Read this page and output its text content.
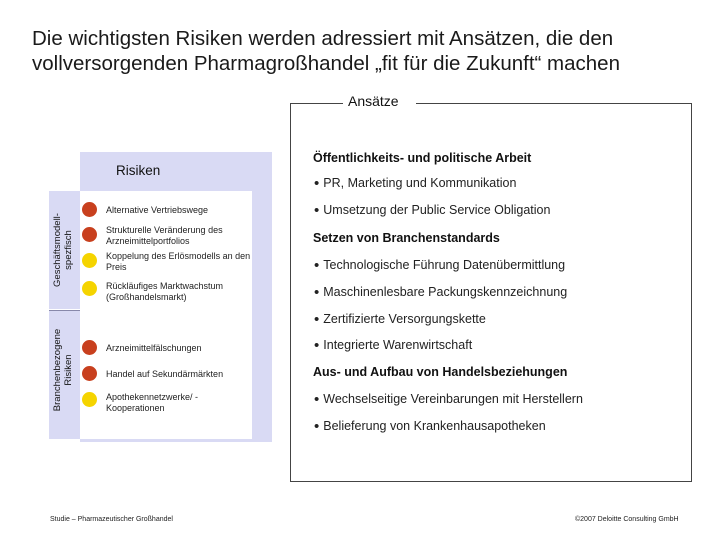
Die wichtigsten Risiken werden adressiert mit Ansätzen, die den
vollversorgenden Pharmagroßhandel „fit für die Zukunft“ machen
Ansätze
Risiken
Geschäftsmodell-
spezfisch
Branchenbezogene
Risiken
Alternative Vertriebswege
Strukturelle Veränderung des Arzneimittelportfolios
Koppelung des Erlösmodells an den Preis
Rückläufiges Marktwachstum (Großhandelsmarkt)
Arzneimittelfälschungen
Handel auf Sekundärmärkten
Apothekennetzwerke/ -Kooperationen
Öffentlichkeits- und politische Arbeit
• PR, Marketing und Kommunikation
• Umsetzung der Public Service Obligation
Setzen von Branchenstandards
• Technologische Führung Datenübermittlung
• Maschinenlesbare Packungskennzeichnung
• Zertifizierte Versorgungskette
• Integrierte Warenwirtschaft
Aus- und Aufbau von Handelsbeziehungen
• Wechselseitige Vereinbarungen mit Herstellern
• Belieferung von Krankenhausapotheken
Studie – Pharmazeutischer Großhandel	©2007 Deloitte Consulting GmbH
